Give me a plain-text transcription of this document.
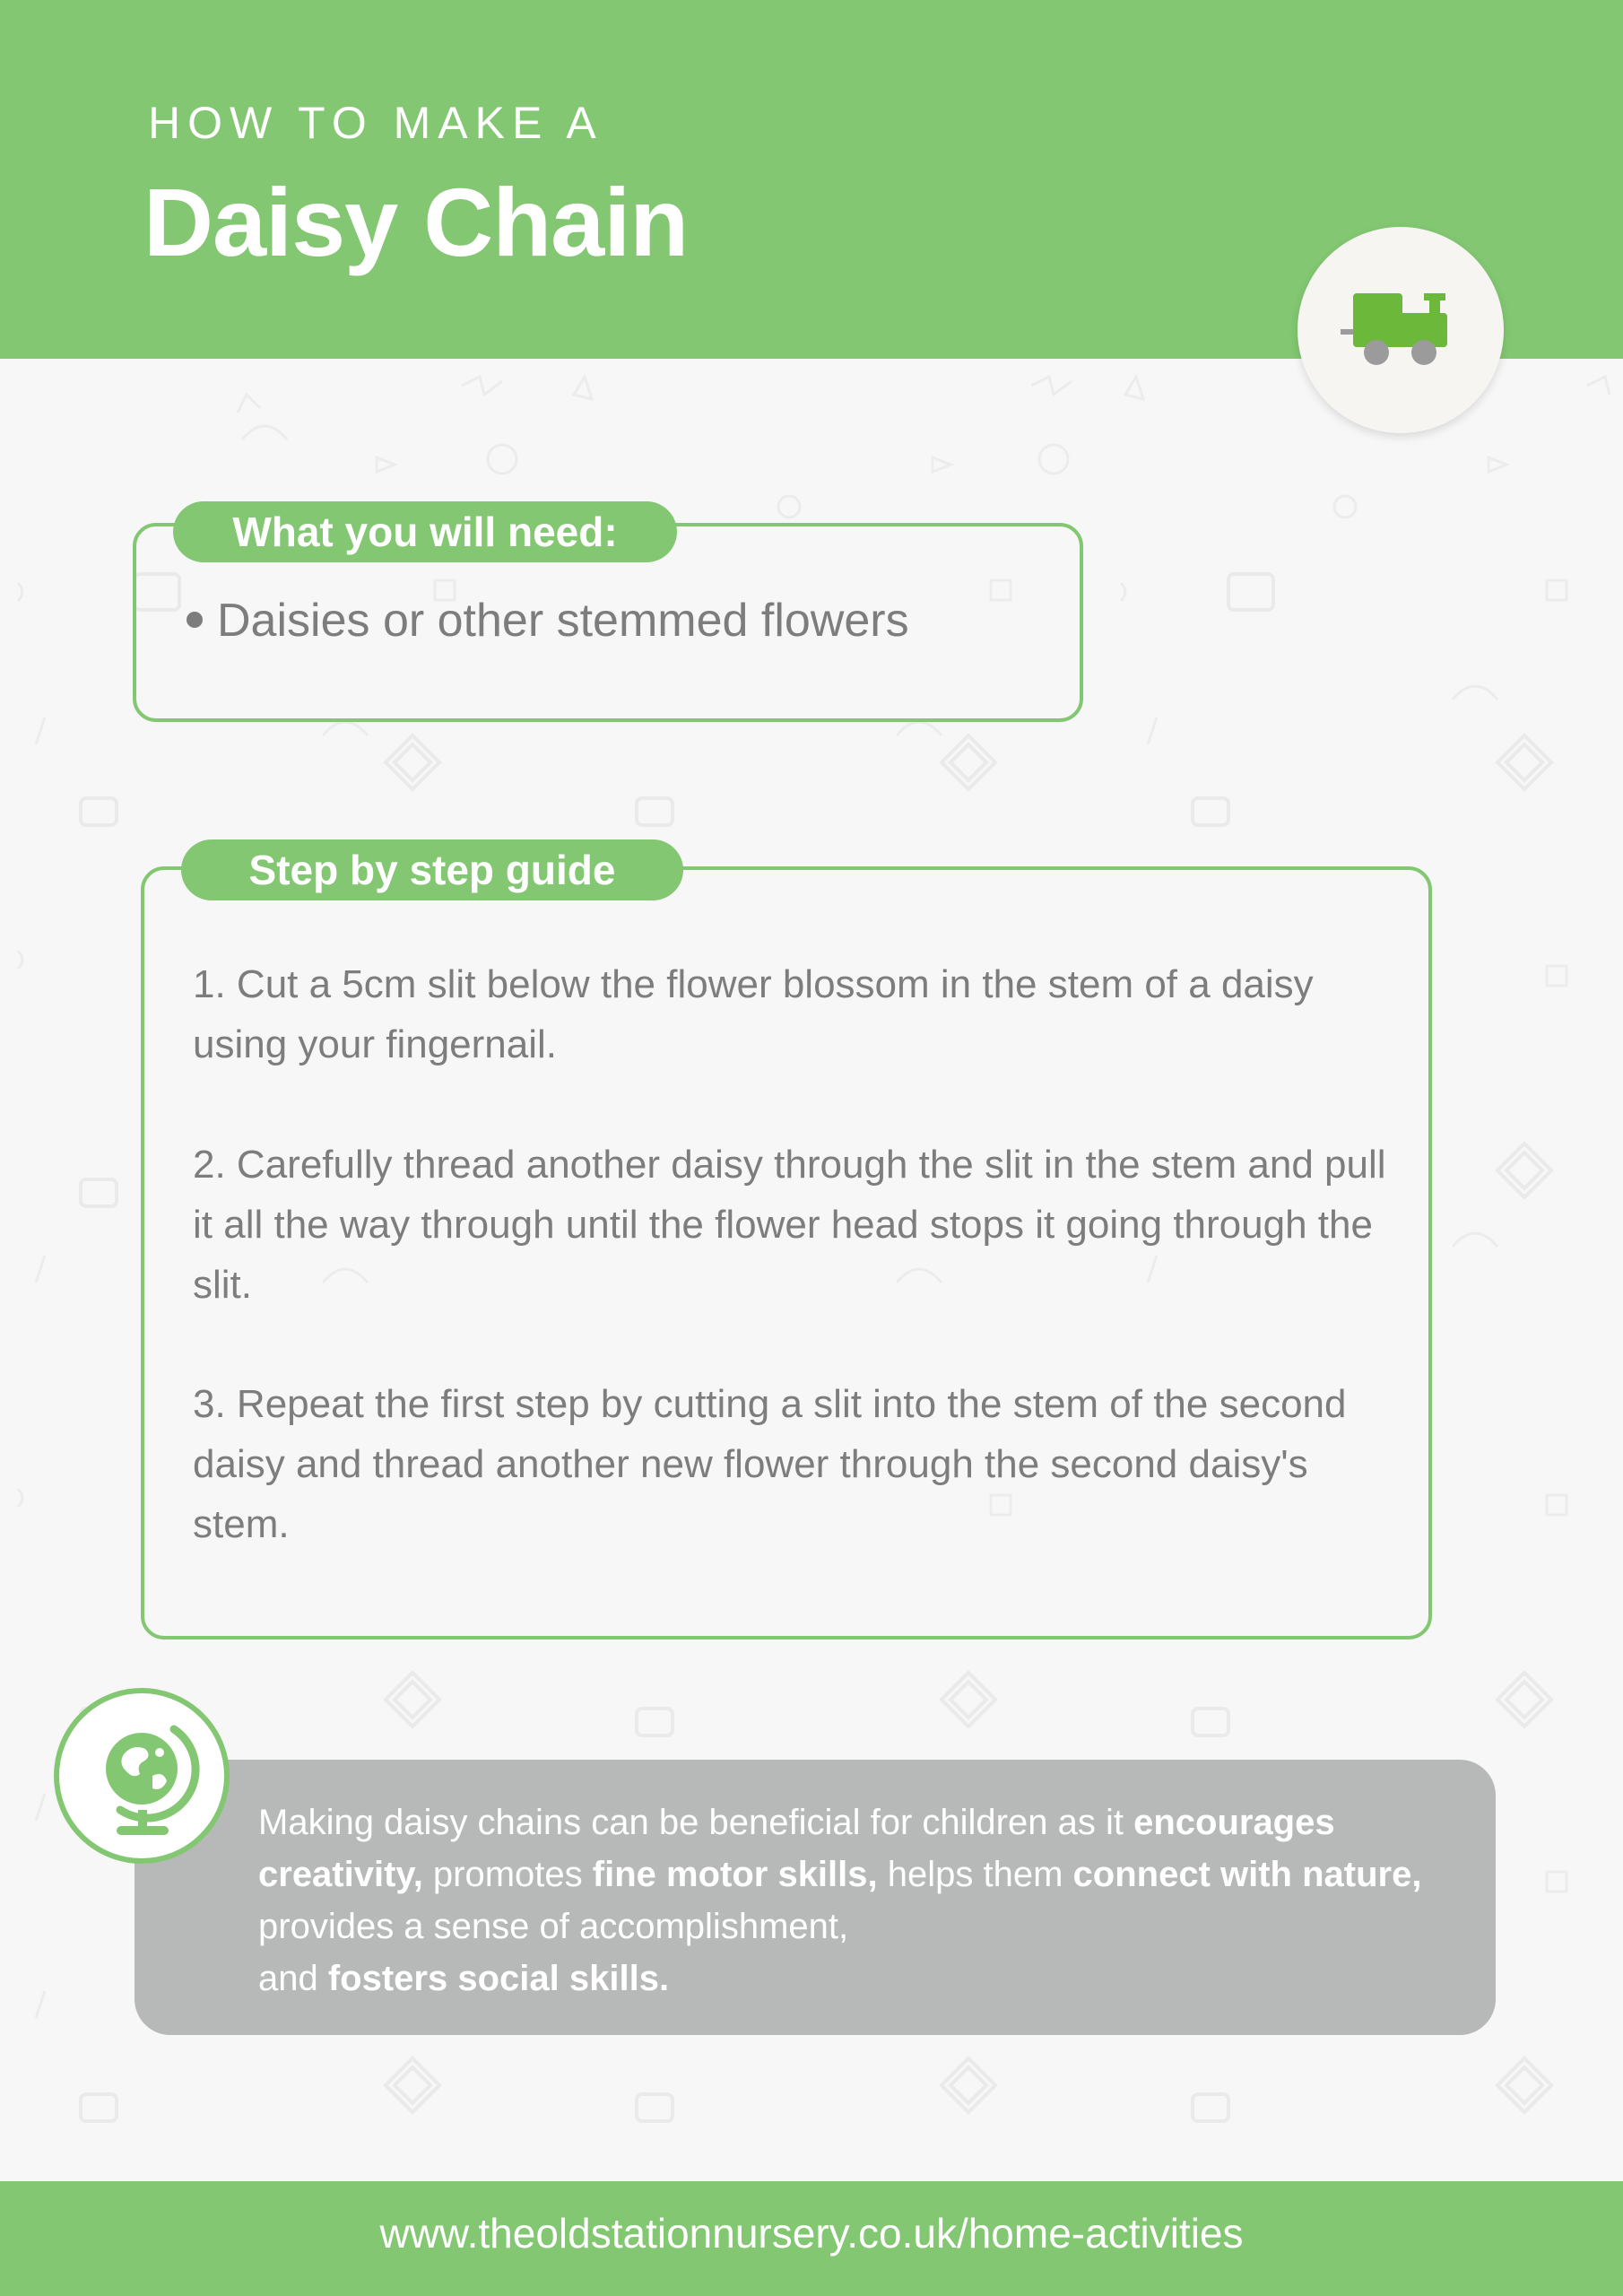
HOW TO MAKE A
Daisy Chain
What you will need:
Daisies or other stemmed flowers
Step by step guide
1. Cut a 5cm slit below the flower blossom in the stem of a daisy using your fingernail.
2. Carefully thread another daisy through the slit in the stem and pull it all the way through until the flower head stops it going through the slit.
3. Repeat the first step by cutting a slit into the stem of the second daisy and thread another new flower through the second daisy's stem.
Making daisy chains can be beneficial for children as it encourages creativity, promotes fine motor skills, helps them connect with nature, provides a sense of accomplishment,
and fosters social skills.
www.theoldstationnursery.co.uk/home-activities
